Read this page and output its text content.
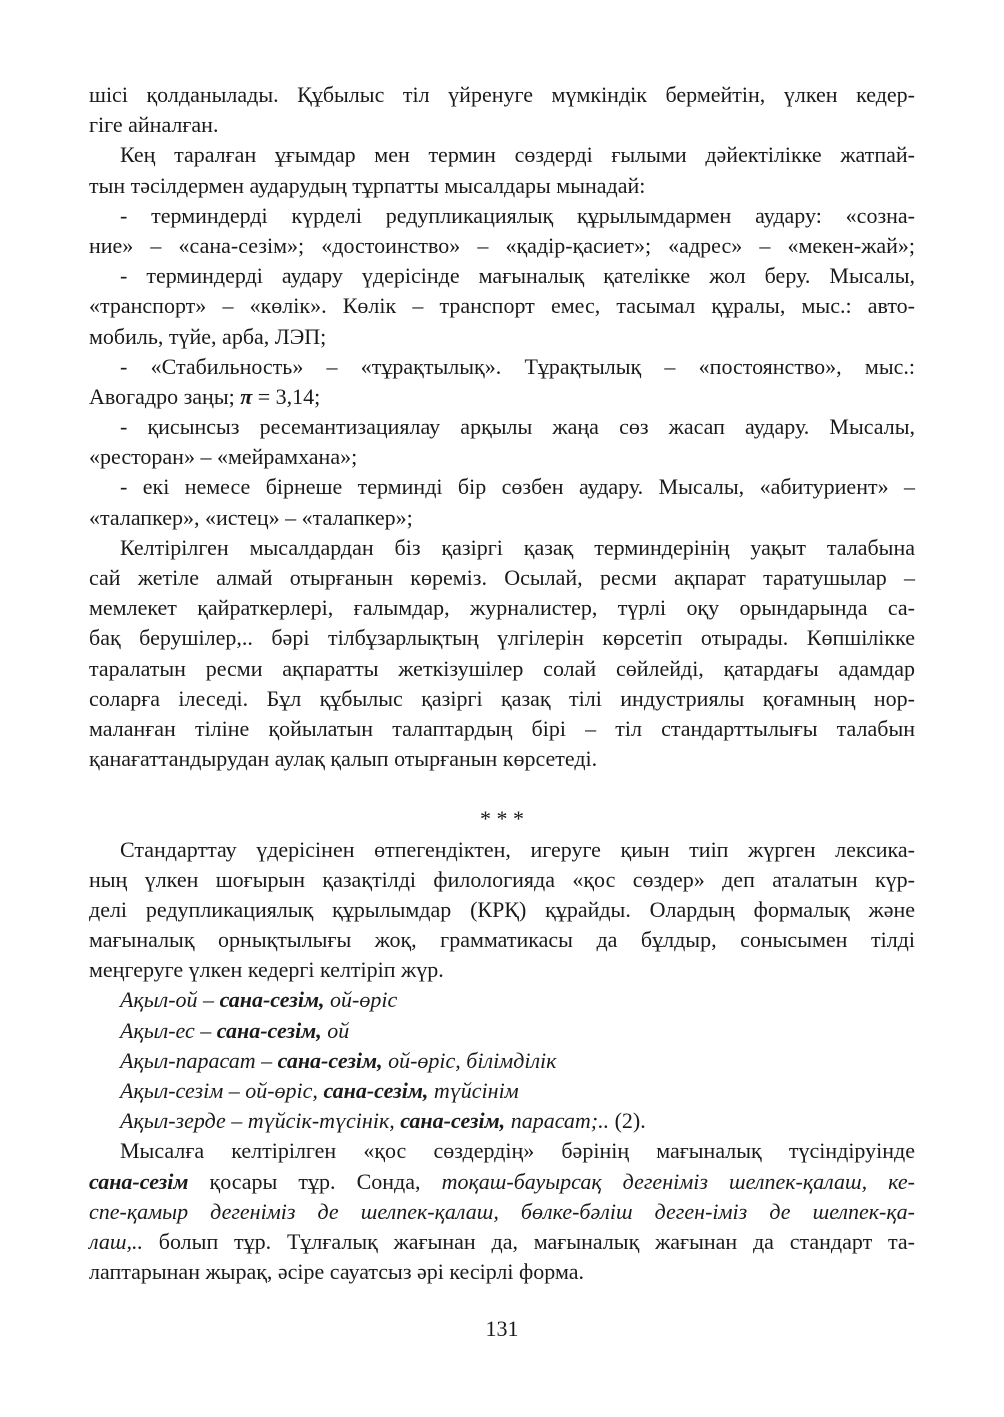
шісі қолданылады. Құбылыс тіл үйренуге мүмкіндік бермейтін, үлкен кедер-
гіге айналған.
Кең таралған ұғымдар мен термин сөздерді ғылыми дәйектілікке жатпай-
тын тәсілдермен аударудың тұрпатты мысалдары мынадай:
- терминдерді күрделі редупликациялық құрылымдармен аудару: «созна-
ние» – «сана-сезім»; «достоинство» – «қадір-қасиет»; «адрес» – «мекен-жай»;
- терминдерді аудару үдерісінде мағыналық қателікке жол беру. Мысалы,
«транспорт» – «көлік». Көлік – транспорт емес, тасымал құралы, мыс.: авто-
мобиль, түйе, арба, ЛЭП;
- «Стабильность» – «тұрақтылық». Тұрақтылық – «постоянство», мыс.:
Авогадро заңы; π = 3,14;
- қисынсыз ресемантизациялау арқылы жаңа сөз жасап аудару. Мысалы,
«ресторан» – «мейрамхана»;
- екі немесе бірнеше терминді бір сөзбен аудару. Мысалы, «абитуриент» –
«талапкер», «истец» – «талапкер»;
Келтірілген мысалдардан біз қазіргі қазақ терминдерінің уақыт талабына
сай жетіле алмай отырғанын көреміз. Осылай, ресми ақпарат таратушылар –
мемлекет қайраткерлері, ғалымдар, журналистер, түрлі оқу орындарында са-
бақ берушілер,.. бәрі тілбұзарлықтың үлгілерін көрсетіп отырады. Көпшілікке
таралатын ресми ақпаратты жеткізушілер солай сөйлейді, қатардағы адамдар
соларға ілеседі. Бұл құбылыс қазіргі қазақ тілі индустриялы қоғамның нор-
маланған тіліне қойылатын талаптардың бірі – тіл стандарттылығы талабын
қанағаттандырудан аулақ қалып отырғанын көрсетеді.
* * *
Стандарттау үдерісінен өтпегендіктен, игеруге қиын тиіп жүрген лексика-
ның үлкен шоғырын қазақтілді филологияда «қос сөздер» деп аталатын күр-
делі редупликациялық құрылымдар (КРҚ) құрайды. Олардың формалық және
мағыналық орнықтылығы жоқ, грамматикасы да бұлдыр, сонысымен тілді
меңгеруге үлкен кедергі келтіріп жүр.
Ақыл-ой – сана-сезім, ой-өріс
Ақыл-ес – сана-сезім, ой
Ақыл-парасат – сана-сезім, ой-өріс, білімділік
Ақыл-сезім – ой-өріс, сана-сезім, түйсінім
Ақыл-зерде – түйсік-түсінік, сана-сезім, парасат;.. (2).
Мысалға келтірілген «қос сөздердің» бәрінің мағыналық түсіндіруінде
сана-сезім қосары тұр. Сонда, тоқаш-бауырсақ дегеніміз шелпек-қалаш, ке-
спе-қамыр дегеніміз де шелпек-қалаш, бөлке-бәліш деген-іміз де шелпек-қа-
лаш,.. болып тұр. Тұлғалық жағынан да, мағыналық жағынан да стандарт та-
лаптарынан жырақ, әсіре сауатсыз әрі кесірлі форма.
131
